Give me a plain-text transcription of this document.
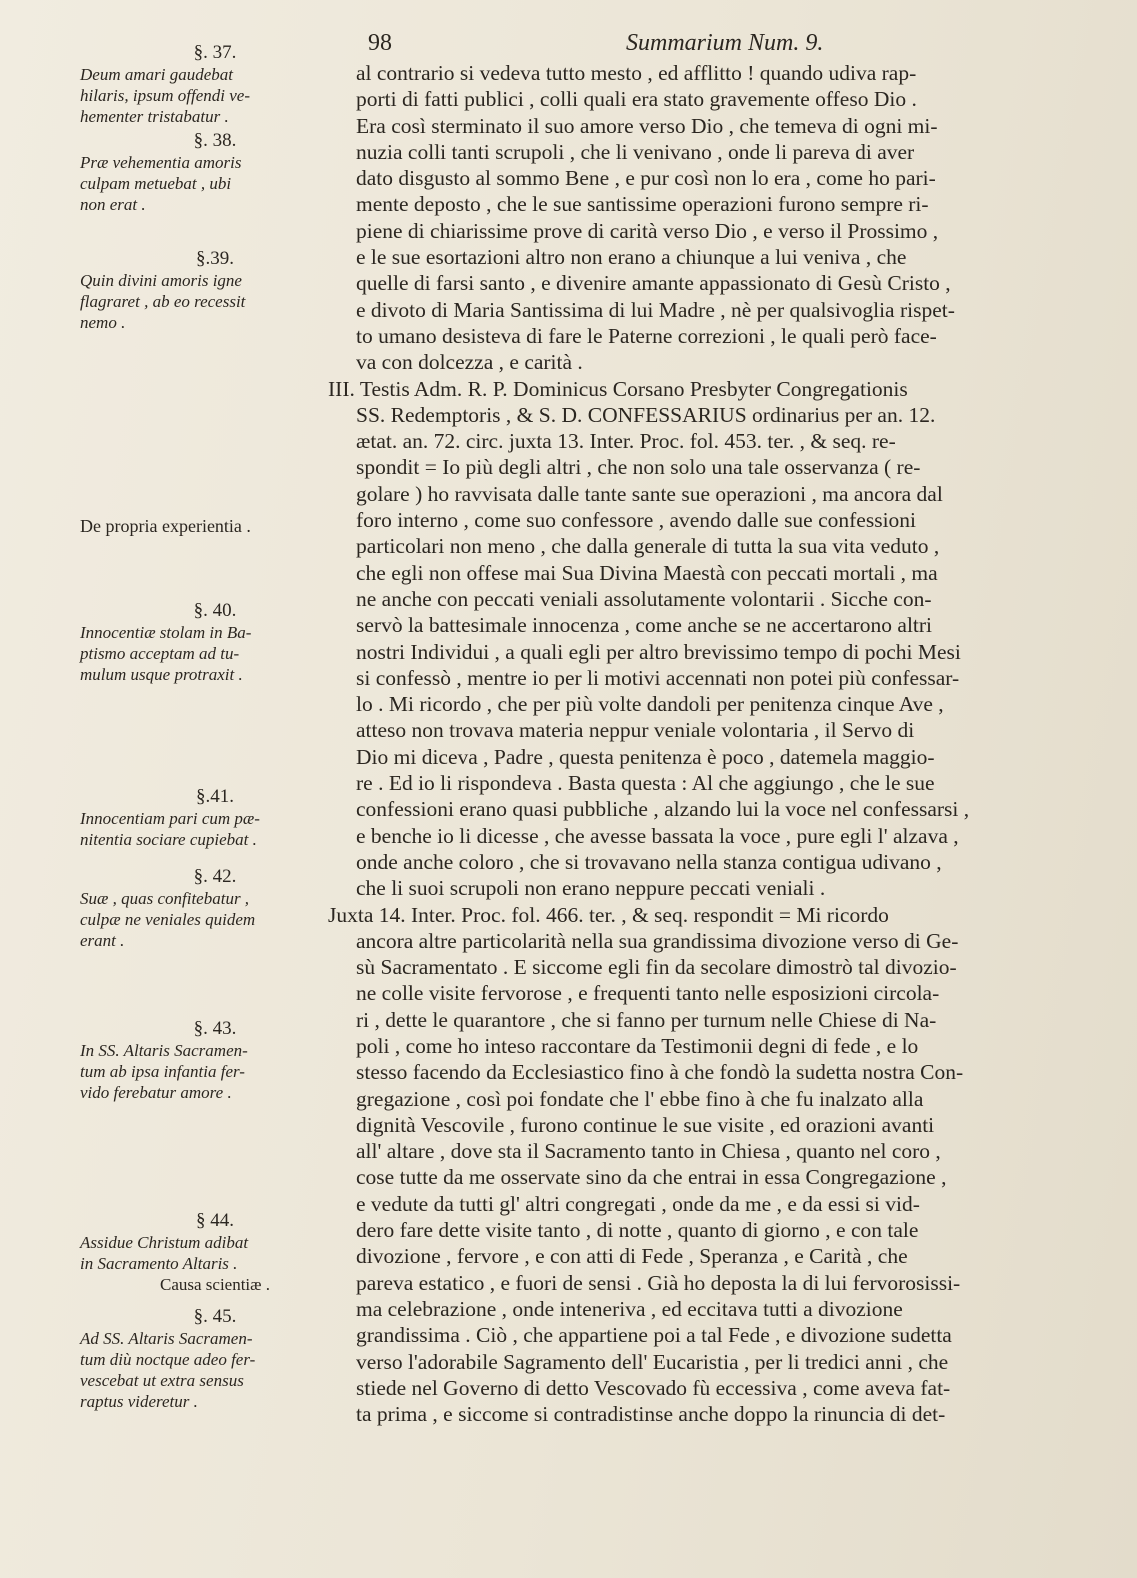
98	Summarium Num. 9.
§. 37.
Deum amari gaudebat
hilaris, ipsum offendi ve-
hementer tristabatur .
§. 38.
Præ vehementia amoris
culpam metuebat , ubi
non erat .
§.39.
Quin divini amoris igne
flagraret , ab eo recessit
nemo .
De propria experientia .
§. 40.
Innocentiæ stolam in Ba-
ptismo acceptam ad tu-
mulum usque protraxit .
§.41.
Innocentiam pari cum pæ-
nitentia sociare cupiebat .
§. 42.
Suæ , quas confitebatur ,
culpæ ne veniales quidem
erant .
§. 43.
In SS. Altaris Sacramen-
tum ab ipsa infantia fer-
vido ferebatur amore .
§ 44.
Assidue Christum adibat
in Sacramento Altaris .
Causa scientiæ .
§. 45.
Ad SS. Altaris Sacramen-
tum diù noctque adeo fer-
vescebat ut extra sensus
raptus videretur .
al contrario si vedeva tutto mesto , ed afflitto ! quando udiva rap-
porti di fatti publici , colli quali era stato gravemente offeso Dio .
Era così sterminato il suo amore verso Dio , che temeva di ogni mi-
nuzia colli tanti scrupoli , che li venivano , onde li pareva di aver
dato disgusto al sommo Bene , e pur così non lo era , come ho pari-
mente deposto , che le sue santissime operazioni furono sempre ri-
piene di chiarissime prove di carità verso Dio , e verso il Prossimo ,
e le sue esortazioni altro non erano a chiunque a lui veniva , che
quelle di farsi santo , e divenire amante appassionato di Gesù Cristo ,
e divoto di Maria Santissima di lui Madre , nè per qualsivoglia rispet-
to umano desisteva di fare le Paterne correzioni , le quali però face-
va con dolcezza , e carità .
III. Testis Adm. R. P. Dominicus Corsano Presbyter Congregationis
SS. Redemptoris , & S. D. CONFESSARIUS ordinarius per an. 12.
ætat. an. 72. circ. juxta 13. Inter. Proc. fol. 453. ter. , & seq. re-
spondit = Io più degli altri , che non solo una tale osservanza ( re-
golare ) ho ravvisata dalle tante sante sue operazioni , ma ancora dal
foro interno , come suo confessore , avendo dalle sue confessioni
particolari non meno , che dalla generale di tutta la sua vita veduto ,
che egli non offese mai Sua Divina Maestà con peccati mortali , ma
ne anche con peccati veniali assolutamente volontarii . Sicche con-
servò la battesimale innocenza , come anche se ne accertarono altri
nostri Individui , a quali egli per altro brevissimo tempo di pochi Mesi
si confessò , mentre io per li motivi accennati non potei più confessar-
lo . Mi ricordo , che per più volte dandoli per penitenza cinque Ave ,
atteso non trovava materia neppur veniale volontaria , il Servo di
Dio mi diceva , Padre , questa penitenza è poco , datemela maggio-
re . Ed io li rispondeva . Basta questa : Al che aggiungo , che le sue
confessioni erano quasi pubbliche , alzando lui la voce nel confessarsi ,
e benche io li dicesse , che avesse bassata la voce , pure egli l' alzava ,
onde anche coloro , che si trovavano nella stanza contigua udivano ,
che li suoi scrupoli non erano neppure peccati veniali .
Juxta 14. Inter. Proc. fol. 466. ter. , & seq. respondit = Mi ricordo
ancora altre particolarità nella sua grandissima divozione verso di Ge-
sù Sacramentato . E siccome egli fin da secolare dimostrò tal divozio-
ne colle visite fervorose , e frequenti tanto nelle esposizioni circola-
ri , dette le quarantore , che si fanno per turnum nelle Chiese di Na-
poli , come ho inteso raccontare da Testimonii degni di fede , e lo
stesso facendo da Ecclesiastico fino à che fondò la sudetta nostra Con-
gregazione , così poi fondate che l' ebbe fino à che fu inalzato alla
dignità Vescovile , furono continue le sue visite , ed orazioni avanti
all' altare , dove sta il Sacramento tanto in Chiesa , quanto nel coro ,
cose tutte da me osservate sino da che entrai in essa Congregazione ,
e vedute da tutti gl' altri congregati , onde da me , e da essi si vid-
dero fare dette visite tanto , di notte , quanto di giorno , e con tale
divozione , fervore , e con atti di Fede , Speranza , e Carità , che
pareva estatico , e fuori de sensi . Già ho deposta la di lui fervorosissi-
ma celebrazione , onde inteneriva , ed eccitava tutti a divozione
grandissima . Ciò , che appartiene poi a tal Fede , e divozione sudetta
verso l'adorabile Sagramento dell' Eucaristia , per li tredici anni , che
stiede nel Governo di detto Vescovado fù eccessiva , come aveva fat-
ta prima , e siccome si contradistinse anche doppo la rinuncia di det-
